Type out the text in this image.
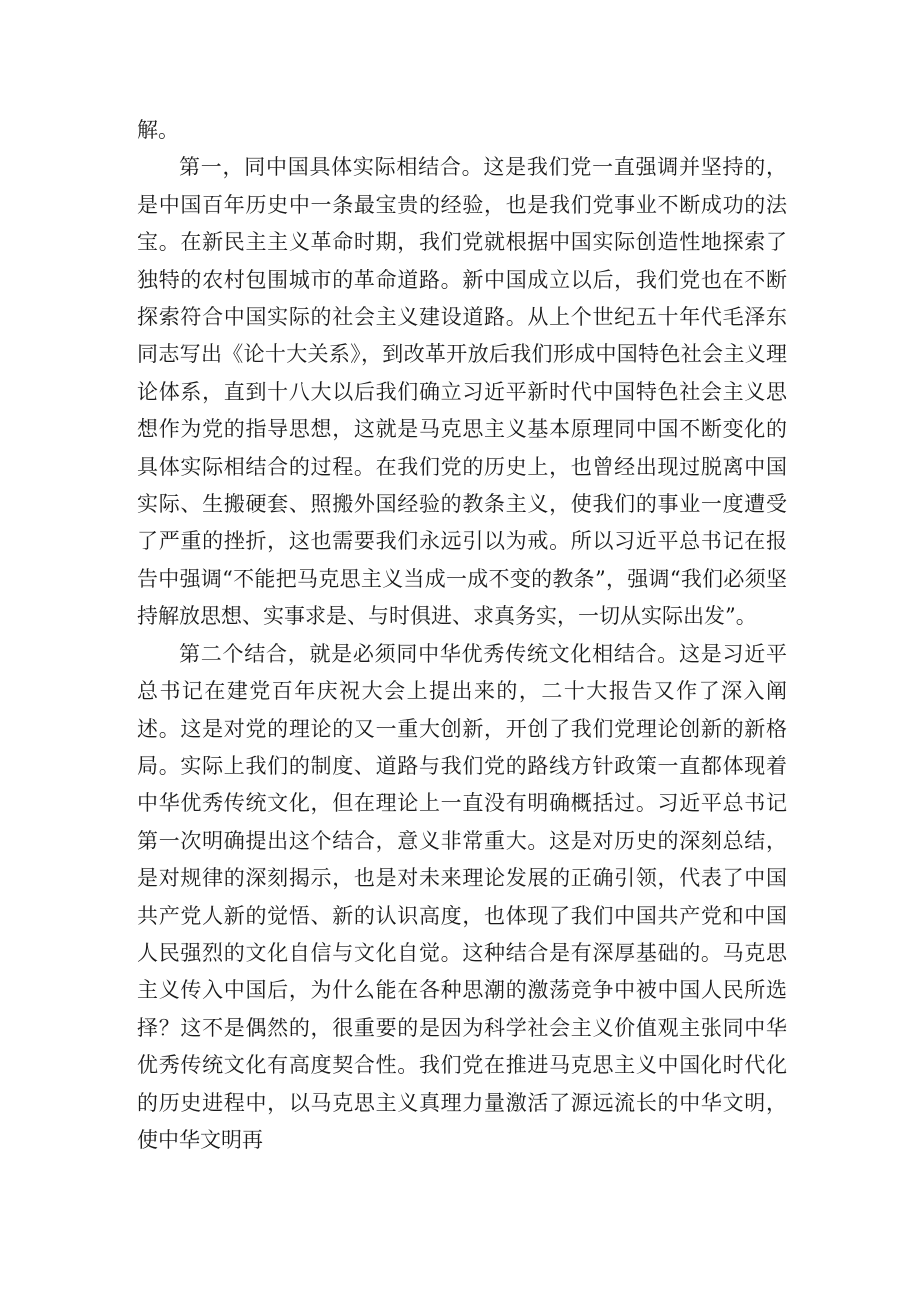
解。

第一，同中国具体实际相结合。这是我们党一直强调并坚持的，是中国百年历史中一条最宝贵的经验，也是我们党事业不断成功的法宝。在新民主主义革命时期，我们党就根据中国实际创造性地探索了独特的农村包围城市的革命道路。新中国成立以后，我们党也在不断探索符合中国实际的社会主义建设道路。从上个世纪五十年代毛泽东同志写出《论十大关系》，到改革开放后我们形成中国特色社会主义理论体系，直到十八大以后我们确立习近平新时代中国特色社会主义思想作为党的指导思想，这就是马克思主义基本原理同中国不断变化的具体实际相结合的过程。在我们党的历史上，也曾经出现过脱离中国实际、生搬硬套、照搬外国经验的教条主义，使我们的事业一度遭受了严重的挫折，这也需要我们永远引以为戒。所以习近平总书记在报告中强调“不能把马克思主义当成一成不变的教条”，强调“我们必须坚持解放思想、实事求是、与时俱进、求真务实，一切从实际出发”。

第二个结合，就是必须同中华优秀传统文化相结合。这是习近平总书记在建党百年庆祝大会上提出来的，二十大报告又作了深入阐述。这是对党的理论的又一重大创新，开创了我们党理论创新的新格局。实际上我们的制度、道路与我们党的路线方针政策一直都体现着中华优秀传统文化，但在理论上一直没有明确概括过。习近平总书记第一次明确提出这个结合，意义非常重大。这是对历史的深刻总结，是对规律的深刻揭示，也是对未来理论发展的正确引领，代表了中国共产党人新的觉悟、新的认识高度，也体现了我们中国共产党和中国人民强烈的文化自信与文化自觉。这种结合是有深厚基础的。马克思主义传入中国后，为什么能在各种思潮的激荡竞争中被中国人民所选择？这不是偶然的，很重要的是因为科学社会主义价值观主张同中华优秀传统文化有高度契合性。我们党在推进马克思主义中国化时代化的历史进程中，以马克思主义真理力量激活了源远流长的中华文明，使中华文明再
